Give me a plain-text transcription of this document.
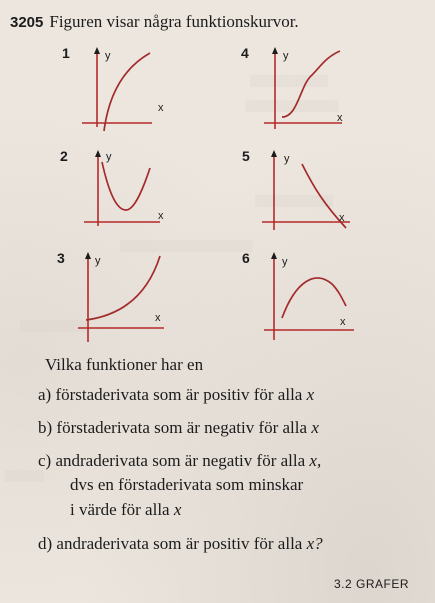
▒▒▒▒▒▒▒▒▒▒
▒▒▒▒▒▒▒▒▒▒▒▒
▒▒▒▒▒▒▒▒▒▒
▒▒▒▒▒▒▒▒▒▒▒▒▒▒▒▒▒
▒▒▒▒▒▒▒▒▒
▒▒▒▒▒
3205 Figuren visar några funktionskurvor.
1	4
2	5
3	6
y
x
y
x
y
x
y
x
y
x
y
x
Vilka funktioner har en
a) förstaderivata som är positiv för alla x
b) förstaderivata som är negativ för alla x
c) andraderivata som är negativ för alla x,
dvs en förstaderivata som minskar
i värde för alla x
d) andraderivata som är positiv för alla x?
3.2 GRAFER
